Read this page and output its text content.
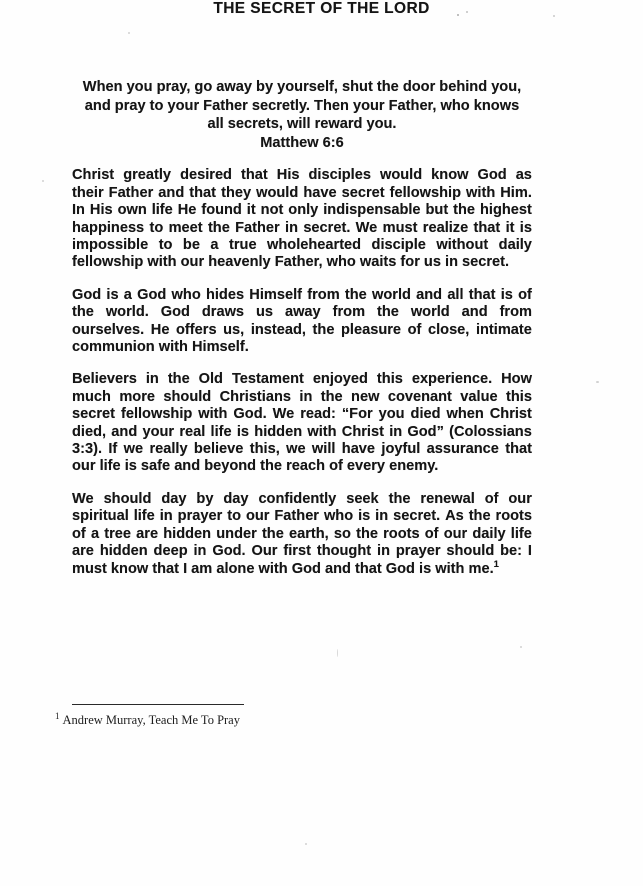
THE SECRET OF THE LORD
When you pray, go away by yourself, shut the door behind you,
and pray to your Father secretly. Then your Father, who knows
all secrets, will reward you.
Matthew 6:6
Christ greatly desired that His disciples would know God as
their Father and that they would have secret fellowship with Him.
In His own life He found it not only indispensable but the highest
happiness to meet the Father in secret. We must realize that it is
impossible to be a true wholehearted disciple without daily
fellowship with our heavenly Father, who waits for us in secret.
God is a God who hides Himself from the world and all that is of
the world. God draws us away from the world and from
ourselves. He offers us, instead, the pleasure of close, intimate
communion with Himself.
Believers in the Old Testament enjoyed this experience. How
much more should Christians in the new covenant value this
secret fellowship with God. We read: “For you died when Christ
died, and your real life is hidden with Christ in God” (Colossians
3:3). If we really believe this, we will have joyful assurance that
our life is safe and beyond the reach of every enemy.
We should day by day confidently seek the renewal of our
spiritual life in prayer to our Father who is in secret. As the roots
of a tree are hidden under the earth, so the roots of our daily life
are hidden deep in God. Our first thought in prayer should be: I
must know that I am alone with God and that God is with me.$^1$
$^1$ Andrew Murray, Teach Me To Pray
